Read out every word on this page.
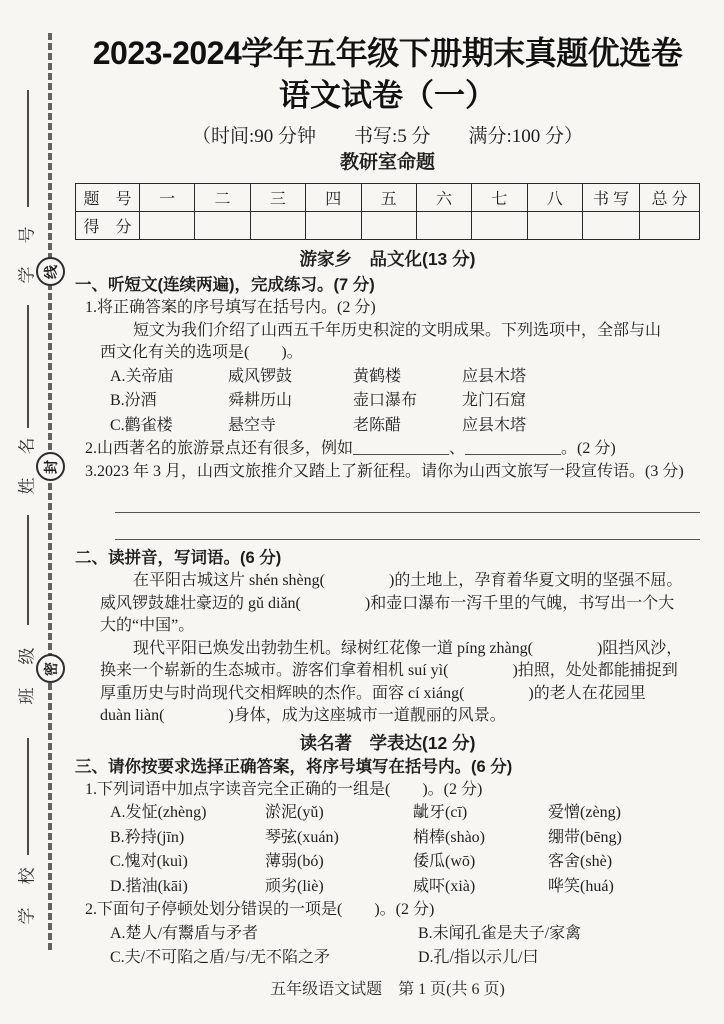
学　号
姓　名
班　级
学　校
线
封
密
2023-2024学年五年级下册期末真题优选卷
语文试卷（一）
（时间:90 分钟　　书写:5 分　　满分:100 分）
教研室命题
题　号	一	二	三	四	五	六	七	八	书 写	总 分
得　分										
游家乡　品文化(13 分)
一、听短文(连续两遍)，完成练习。(7 分)
1.将正确答案的序号填写在括号内。(2 分)
短文为我们介绍了山西五千年历史积淀的文明成果。下列选项中，全部与山
西文化有关的选项是(　　)。
A.关帝庙	威风锣鼓	黄鹤楼	应县木塔
B.汾酒	舜耕历山	壶口瀑布	龙门石窟
C.鹳雀楼	悬空寺	老陈醋	应县木塔
2.山西著名的旅游景点还有很多，例如____________、____________。(2 分)
3.2023 年 3 月，山西文旅推介又踏上了新征程。请你为山西文旅写一段宣传语。(3 分)
二、读拼音，写词语。(6 分)
在平阳古城这片 shén shèng(　　　　)的土地上，孕育着华夏文明的坚强不屈。
威风锣鼓雄壮豪迈的 gǔ diǎn(　　　　)和壶口瀑布一泻千里的气魄，书写出一个大
大的“中国”。
现代平阳已焕发出勃勃生机。绿树红花像一道 píng zhàng(　　　　)阻挡风沙，
换来一个崭新的生态城市。游客们拿着相机 suí yì(　　　　)拍照，处处都能捕捉到
厚重历史与时尚现代交相辉映的杰作。面容 cí xiáng(　　　　)的老人在花园里
duàn liàn(　　　　)身体，成为这座城市一道靓丽的风景。
读名著　学表达(12 分)
三、请你按要求选择正确答案，将序号填写在括号内。(6 分)
1.下列词语中加点字读音完全正确的一组是(　　)。(2 分)
A.发怔 •(zhèng)	淤 •泥(yǔ)	龇 •牙(cī)	爱憎 •(zèng)
B.矜 •持(jīn)	琴弦 •(xuán)	梢 •棒(shào)	绷 •带(bēng)
C.愧 •对(kuì)	薄 •弱(bó)	倭 •瓜(wō)	客舍 •(shè)
D.揩 •油(kāi)	顽劣 •(liè)	威吓 •(xià)	哗 •笑(huá)
2.下面句子停顿处划分错误的一项是(　　)。(2 分)
A.楚人/有鬻盾与矛者	B.未闻孔雀是夫子/家禽
C.夫/不可陷之盾/与/无不陷之矛	D.孔/指以示儿/曰
五年级语文试题　第 1 页(共 6 页)
